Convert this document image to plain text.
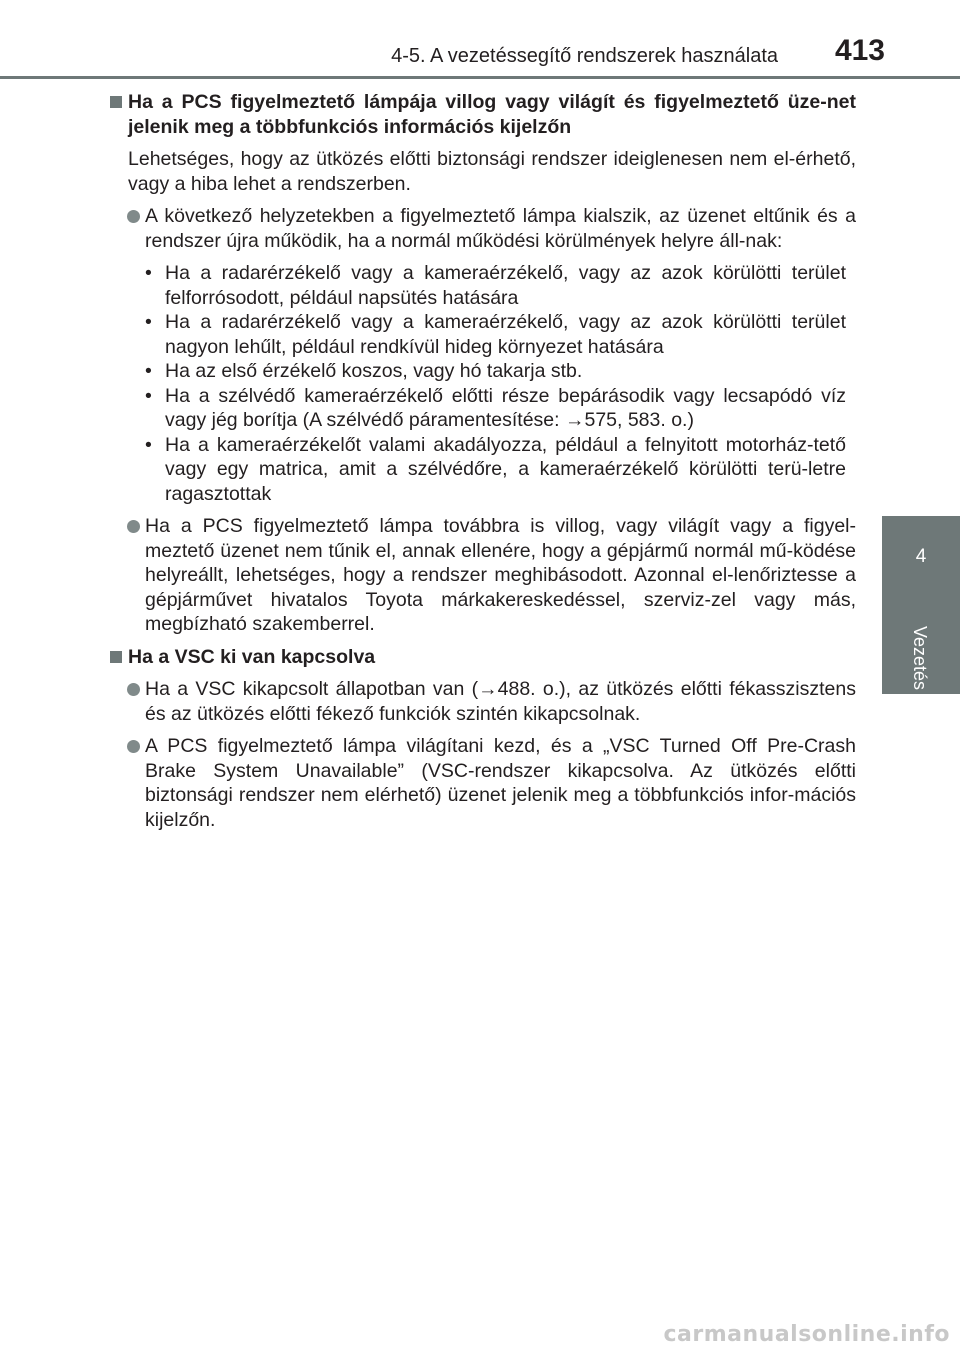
4-5. A vezetéssegítő rendszerek használata 413
4
Vezetés
Ha a PCS figyelmeztető lámpája villog vagy világít és figyelmeztető üze-net jelenik meg a többfunkciós információs kijelzőn
Lehetséges, hogy az ütközés előtti biztonsági rendszer ideiglenesen nem el-érhető, vagy a hiba lehet a rendszerben.
A következő helyzetekben a figyelmeztető lámpa kialszik, az üzenet eltűnik és a rendszer újra működik, ha a normál működési körülmények helyre áll-nak:
• Ha a radarérzékelő vagy a kameraérzékelő, vagy az azok körülötti terület felforrósodott, például napsütés hatására
• Ha a radarérzékelő vagy a kameraérzékelő, vagy az azok körülötti terület nagyon lehűlt, például rendkívül hideg környezet hatására
• Ha az első érzékelő koszos, vagy hó takarja stb.
• Ha a szélvédő kameraérzékelő előtti része bepárásodik vagy lecsapódó víz vagy jég borítja (A szélvédő páramentesítése: →575, 583. o.)
• Ha a kameraérzékelőt valami akadályozza, például a felnyitott motorház-tető vagy egy matrica, amit a szélvédőre, a kameraérzékelő körülötti terü-letre ragasztottak
Ha a PCS figyelmeztető lámpa továbbra is villog, vagy világít vagy a figyel-meztető üzenet nem tűnik el, annak ellenére, hogy a gépjármű normál mű-ködése helyreállt, lehetséges, hogy a rendszer meghibásodott. Azonnal el-lenőriztesse a gépjárművet hivatalos Toyota márkakereskedéssel, szerviz-zel vagy más, megbízható szakemberrel.
Ha a VSC ki van kapcsolva
Ha a VSC kikapcsolt állapotban van (→488. o.), az ütközés előtti fékasszisztens és az ütközés előtti fékező funkciók szintén kikapcsolnak.
A PCS figyelmeztető lámpa világítani kezd, és a „VSC Turned Off Pre-Crash Brake System Unavailable” (VSC-rendszer kikapcsolva. Az ütközés előtti biztonsági rendszer nem elérhető) üzenet jelenik meg a többfunkciós infor-mációs kijelzőn.
carmanualsonline.info
